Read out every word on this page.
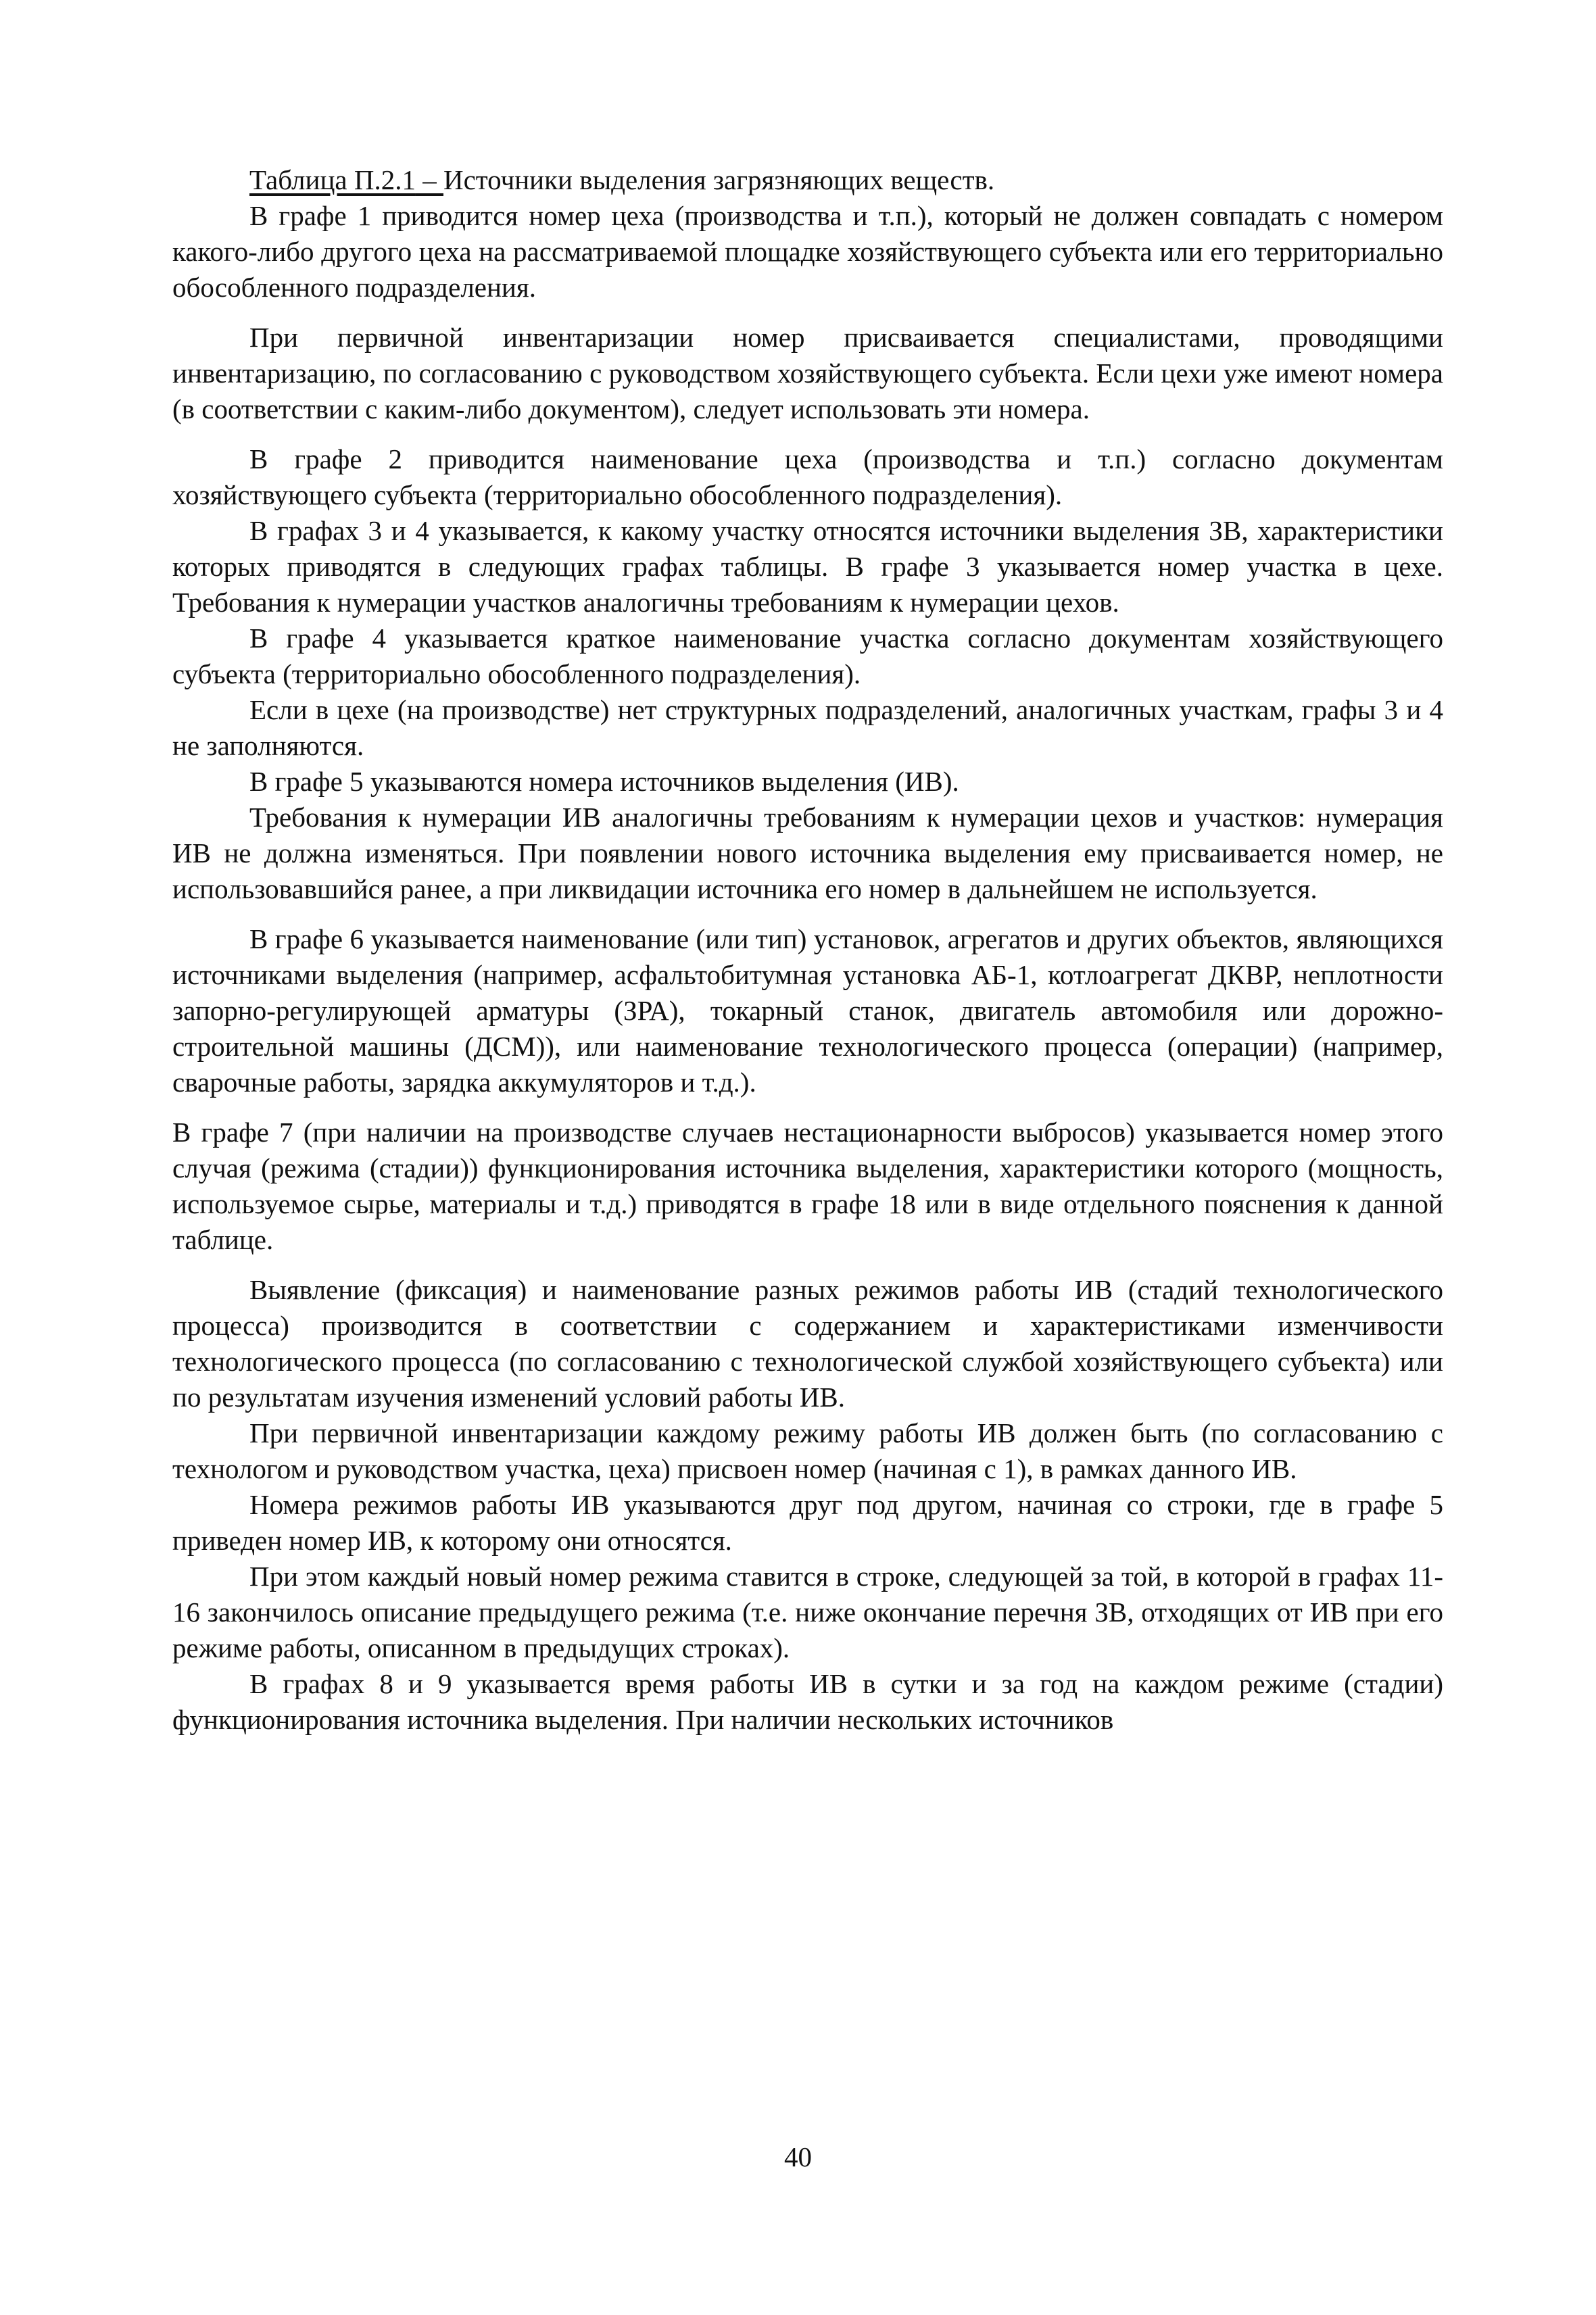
Таблица П.2.1 – Источники выделения загрязняющих веществ.

В графе 1 приводится номер цеха (производства и т.п.), который не должен совпадать с номером какого-либо другого цеха на рассматриваемой площадке хозяйствующего субъекта или его территориально обособленного подразделения.

При первичной инвентаризации номер присваивается специалистами, проводящими инвентаризацию, по согласованию с руководством хозяйствующего субъекта. Если цехи уже имеют номера (в соответствии с каким-либо документом), следует использовать эти номера.

В графе 2 приводится наименование цеха (производства и т.п.) согласно документам хозяйствующего субъекта (территориально обособленного подразделения).

В графах 3 и 4 указывается, к какому участку относятся источники выделения ЗВ, характеристики которых приводятся в следующих графах таблицы. В графе 3 указывается номер участка в цехе. Требования к нумерации участков аналогичны требованиям к нумерации цехов.

В графе 4 указывается краткое наименование участка согласно документам хозяйствующего субъекта (территориально обособленного подразделения).

Если в цехе (на производстве) нет структурных подразделений, аналогичных участкам, графы 3 и 4 не заполняются.

В графе 5 указываются номера источников выделения (ИВ).

Требования к нумерации ИВ аналогичны требованиям к нумерации цехов и участков: нумерация ИВ не должна изменяться. При появлении нового источника выделения ему присваивается номер, не использовавшийся ранее, а при ликвидации источника его номер в дальнейшем не используется.

В графе 6 указывается наименование (или тип) установок, агрегатов и других объектов, являющихся источниками выделения (например, асфальтобитумная установка АБ-1, котлоагрегат ДКВР, неплотности запорно-регулирующей арматуры (ЗРА), токарный станок, двигатель автомобиля или дорожно-строительной машины (ДСМ)), или наименование технологического процесса (операции) (например, сварочные работы, зарядка аккумуляторов и т.д.).

В графе 7 (при наличии на производстве случаев нестационарности выбросов) указывается номер этого случая (режима (стадии)) функционирования источника выделения, характеристики которого (мощность, используемое сырье, материалы и т.д.) приводятся в графе 18 или в виде отдельного пояснения к данной таблице.

Выявление (фиксация) и наименование разных режимов работы ИВ (стадий технологического процесса) производится в соответствии с содержанием и характеристиками изменчивости технологического процесса (по согласованию с технологической службой хозяйствующего субъекта) или по результатам изучения изменений условий работы ИВ.

При первичной инвентаризации каждому режиму работы ИВ должен быть (по согласованию с технологом и руководством участка, цеха) присвоен номер (начиная с 1), в рамках данного ИВ.

Номера режимов работы ИВ указываются друг под другом, начиная со строки, где в графе 5 приведен номер ИВ, к которому они относятся.

При этом каждый новый номер режима ставится в строке, следующей за той, в которой в графах 11-16 закончилось описание предыдущего режима (т.е. ниже окончание перечня ЗВ, отходящих от ИВ при его режиме работы, описанном в предыдущих строках).

В графах 8 и 9 указывается время работы ИВ в сутки и за год на каждом режиме (стадии) функционирования источника выделения. При наличии нескольких источников

40
